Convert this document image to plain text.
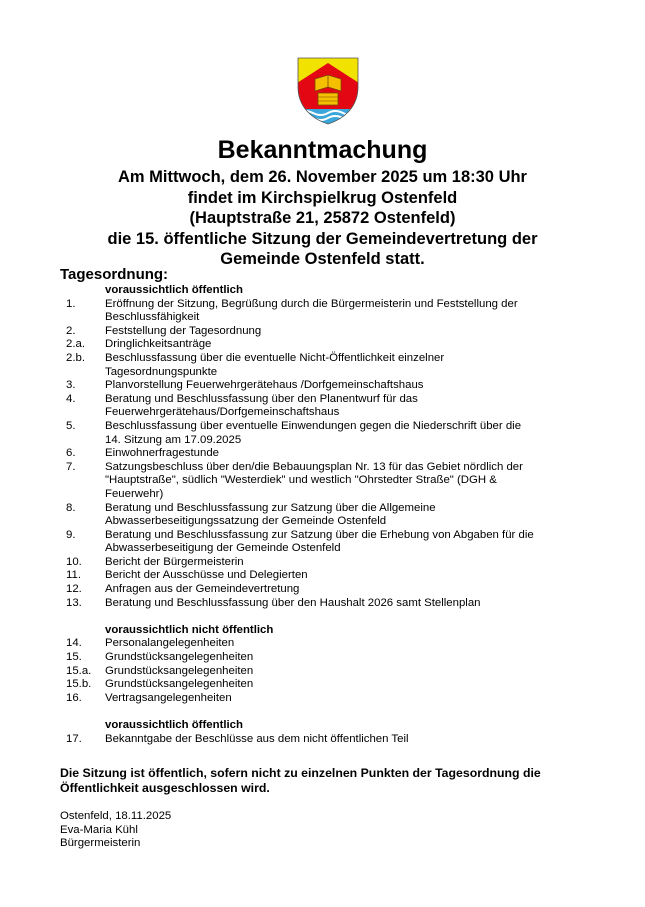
Bekanntmachung
Am Mittwoch, dem 26. November 2025 um 18:30 Uhr
findet im Kirchspielkrug Ostenfeld
(Hauptstraße 21, 25872 Ostenfeld)
die 15. öffentliche Sitzung der Gemeindevertretung der
Gemeinde Ostenfeld statt.
Tagesordnung:
voraussichtlich öffentlich
1.	Eröffnung der Sitzung, Begrüßung durch die Bürgermeisterin und Feststellung der
Beschlussfähigkeit
2.	Feststellung der Tagesordnung
2.a.	Dringlichkeitsanträge
2.b.	Beschlussfassung über die eventuelle Nicht-Öffentlichkeit einzelner
Tagesordnungspunkte
3.	Planvorstellung Feuerwehrgerätehaus /Dorfgemeinschaftshaus
4.	Beratung und Beschlussfassung über den Planentwurf für das
Feuerwehrgerätehaus/Dorfgemeinschaftshaus
5.	Beschlussfassung über eventuelle Einwendungen gegen die Niederschrift über die
14. Sitzung am 17.09.2025
6.	Einwohnerfragestunde
7.	Satzungsbeschluss über den/die Bebauungsplan Nr. 13 für das Gebiet nördlich der
"Hauptstraße", südlich "Westerdiek" und westlich "Ohrstedter Straße" (DGH &
Feuerwehr)
8.	Beratung und Beschlussfassung zur Satzung über die Allgemeine
Abwasserbeseitigungssatzung der Gemeinde Ostenfeld
9.	Beratung und Beschlussfassung zur Satzung über die Erhebung von Abgaben für die
Abwasserbeseitigung der Gemeinde Ostenfeld
10.	Bericht der Bürgermeisterin
11.	Bericht der Ausschüsse und Delegierten
12.	Anfragen aus der Gemeindevertretung
13.	Beratung und Beschlussfassung über den Haushalt 2026 samt Stellenplan
voraussichtlich nicht öffentlich
14.	Personalangelegenheiten
15.	Grundstücksangelegenheiten
15.a.	Grundstücksangelegenheiten
15.b.	Grundstücksangelegenheiten
16.	Vertragsangelegenheiten
voraussichtlich öffentlich
17.	Bekanntgabe der Beschlüsse aus dem nicht öffentlichen Teil
Die Sitzung ist öffentlich, sofern nicht zu einzelnen Punkten der Tagesordnung die Öffentlichkeit ausgeschlossen wird.
Ostenfeld, 18.11.2025
Eva-Maria Kühl
Bürgermeisterin
